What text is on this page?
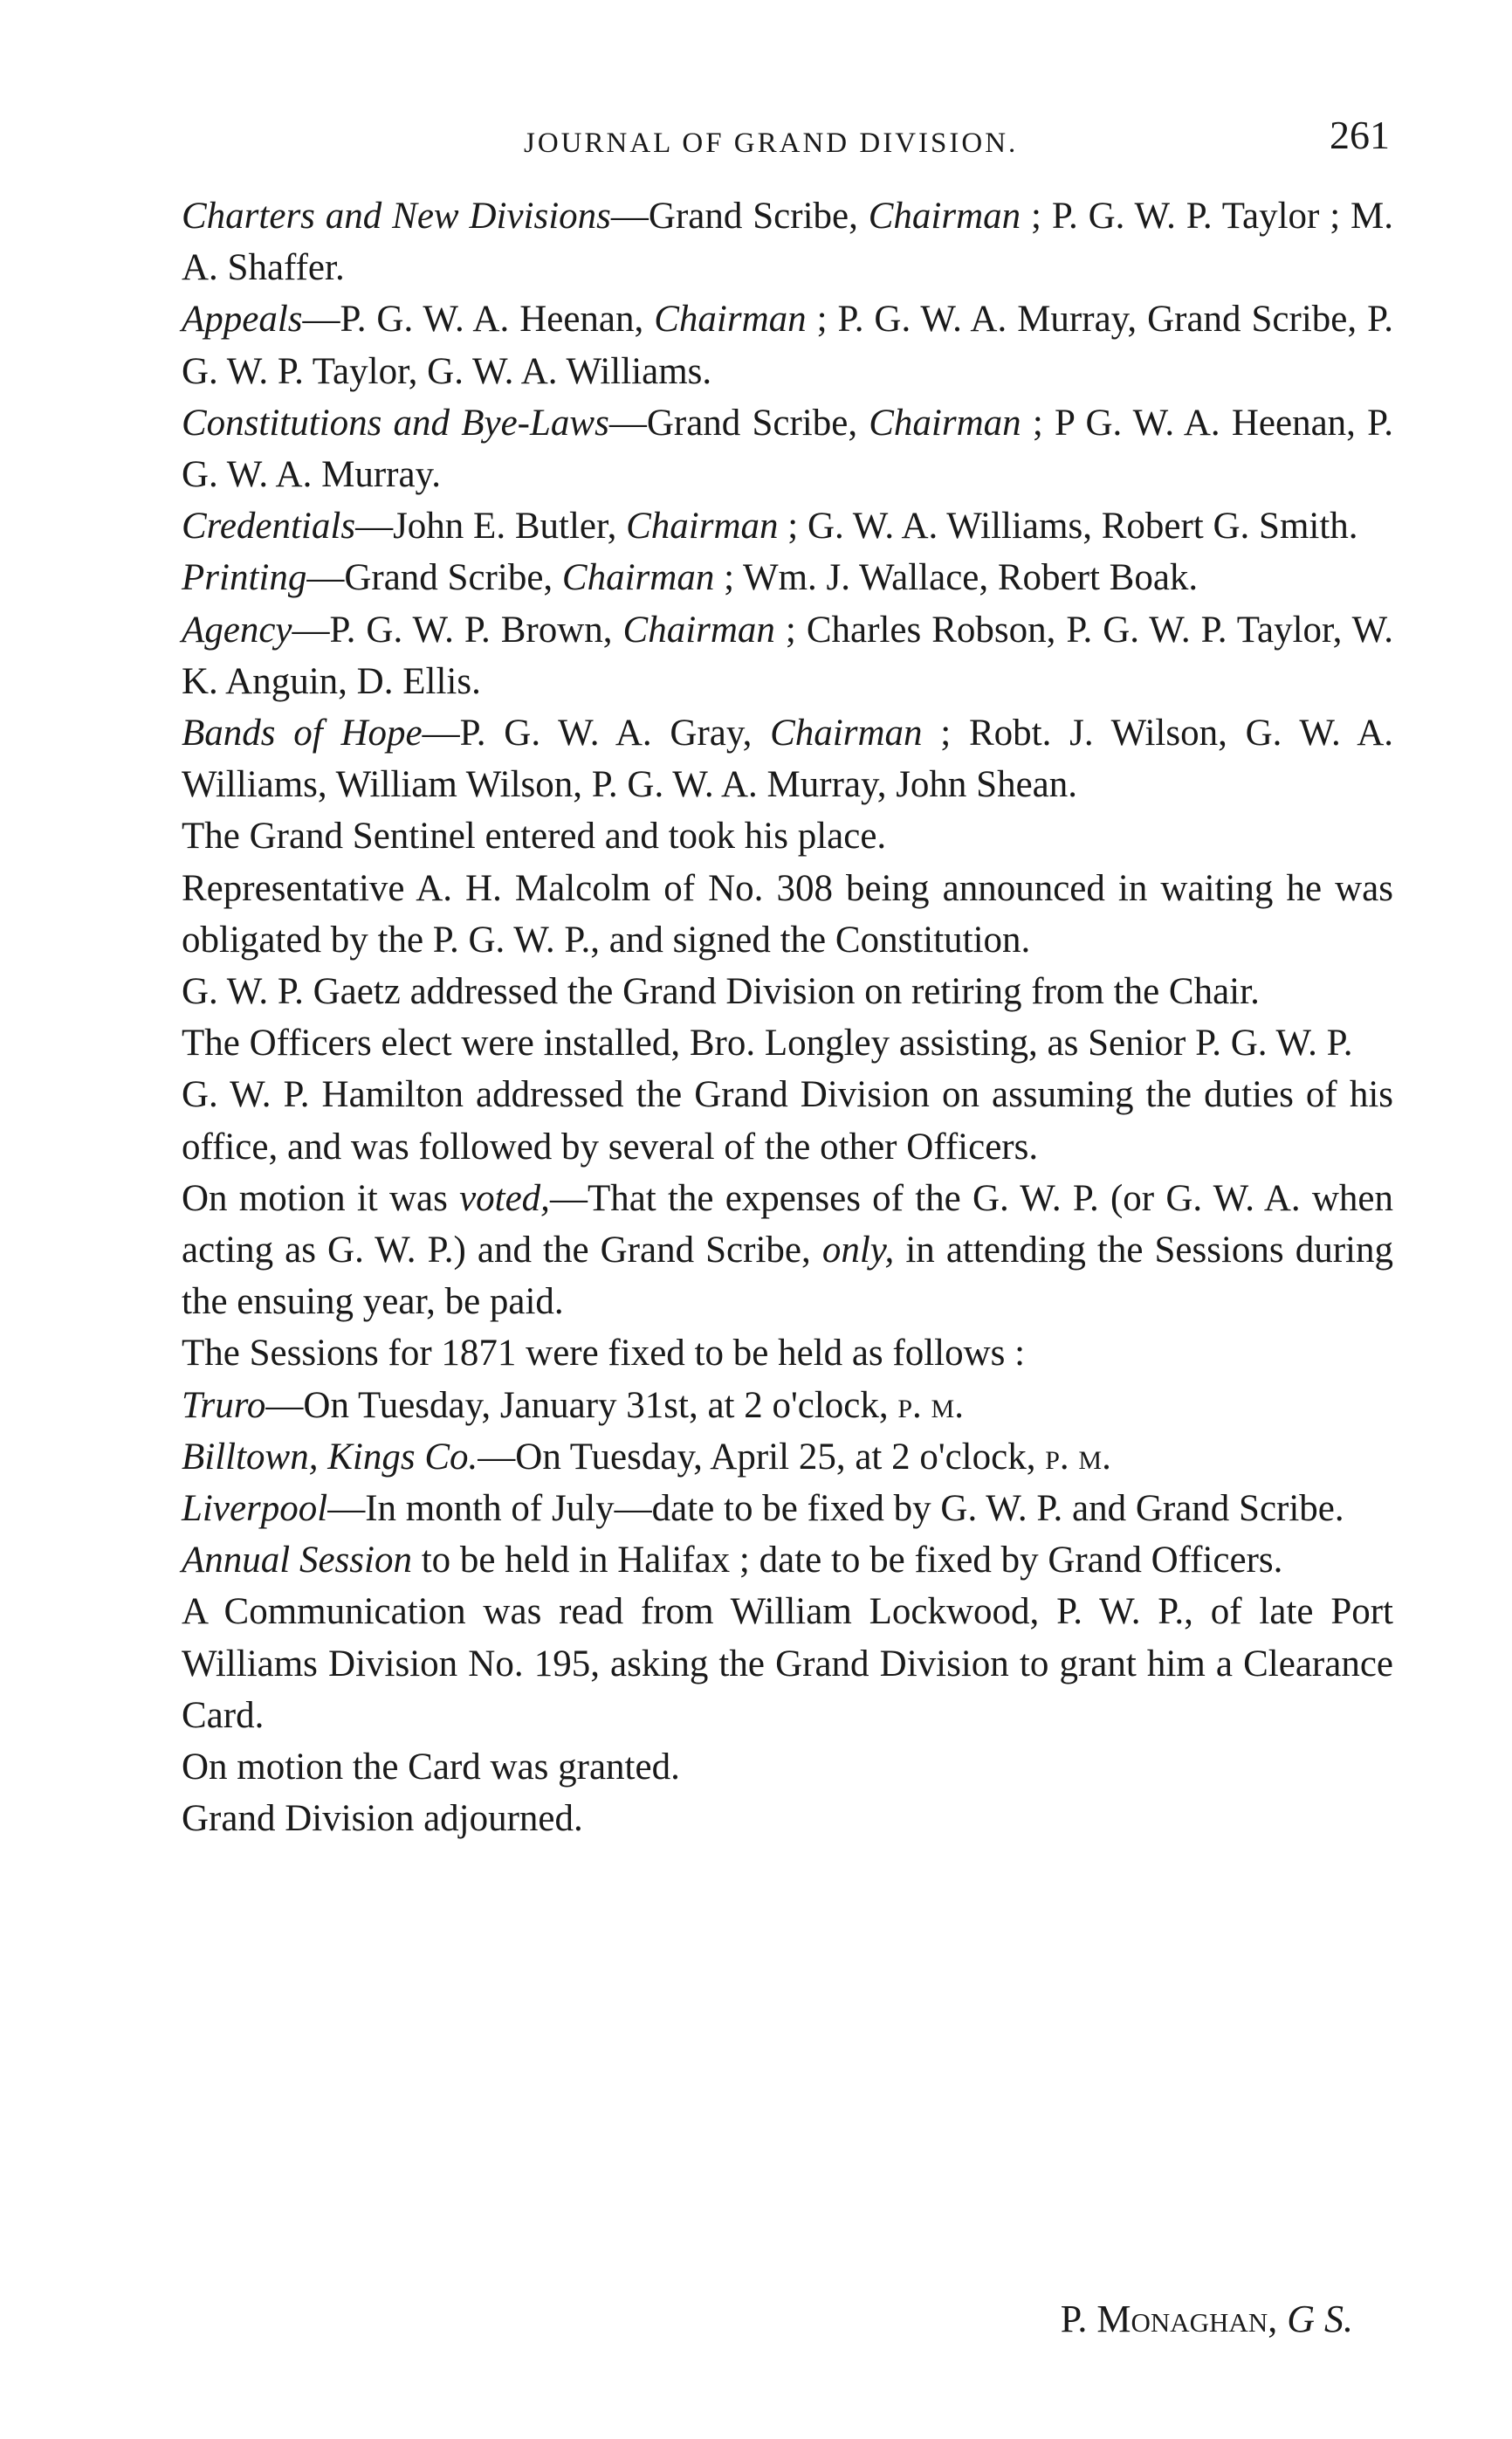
JOURNAL OF GRAND DIVISION.	261

Charters and New Divisions—Grand Scribe, Chairman ; P. G. W. P. Taylor ; M. A. Shaffer.

Appeals—P. G. W. A. Heenan, Chairman ; P. G. W. A. Murray, Grand Scribe, P. G. W. P. Taylor, G. W. A. Williams.

Constitutions and Bye-Laws—Grand Scribe, Chairman ; P G. W. A. Heenan, P. G. W. A. Murray.

Credentials—John E. Butler, Chairman ; G. W. A. Williams, Robert G. Smith.

Printing—Grand Scribe, Chairman ; Wm. J. Wallace, Robert Boak.

Agency—P. G. W. P. Brown, Chairman ; Charles Robson, P. G. W. P. Taylor, W. K. Anguin, D. Ellis.

Bands of Hope—P. G. W. A. Gray, Chairman ; Robt. J. Wilson, G. W. A. Williams, William Wilson, P. G. W. A. Murray, John Shean.

The Grand Sentinel entered and took his place.

Representative A. H. Malcolm of No. 308 being announced in waiting he was obligated by the P. G. W. P., and signed the Constitution.

G. W. P. Gaetz addressed the Grand Division on retiring from the Chair.

The Officers elect were installed, Bro. Longley assisting, as Senior P. G. W. P.

G. W. P. Hamilton addressed the Grand Division on assuming the duties of his office, and was followed by several of the other Officers.

On motion it was voted,—That the expenses of the G. W. P. (or G. W. A. when acting as G. W. P.) and the Grand Scribe, only, in attending the Sessions during the ensuing year, be paid.

The Sessions for 1871 were fixed to be held as follows :

Truro—On Tuesday, January 31st, at 2 o'clock, p. m.

Billtown, Kings Co.—On Tuesday, April 25, at 2 o'clock, p. m.

Liverpool—In month of July—date to be fixed by G. W. P. and Grand Scribe.

Annual Session to be held in Halifax ; date to be fixed by Grand Officers.

A Communication was read from William Lockwood, P. W. P., of late Port Williams Division No. 195, asking the Grand Division to grant him a Clearance Card.

On motion the Card was granted.

Grand Division adjourned.

P. Monaghan, G S.
